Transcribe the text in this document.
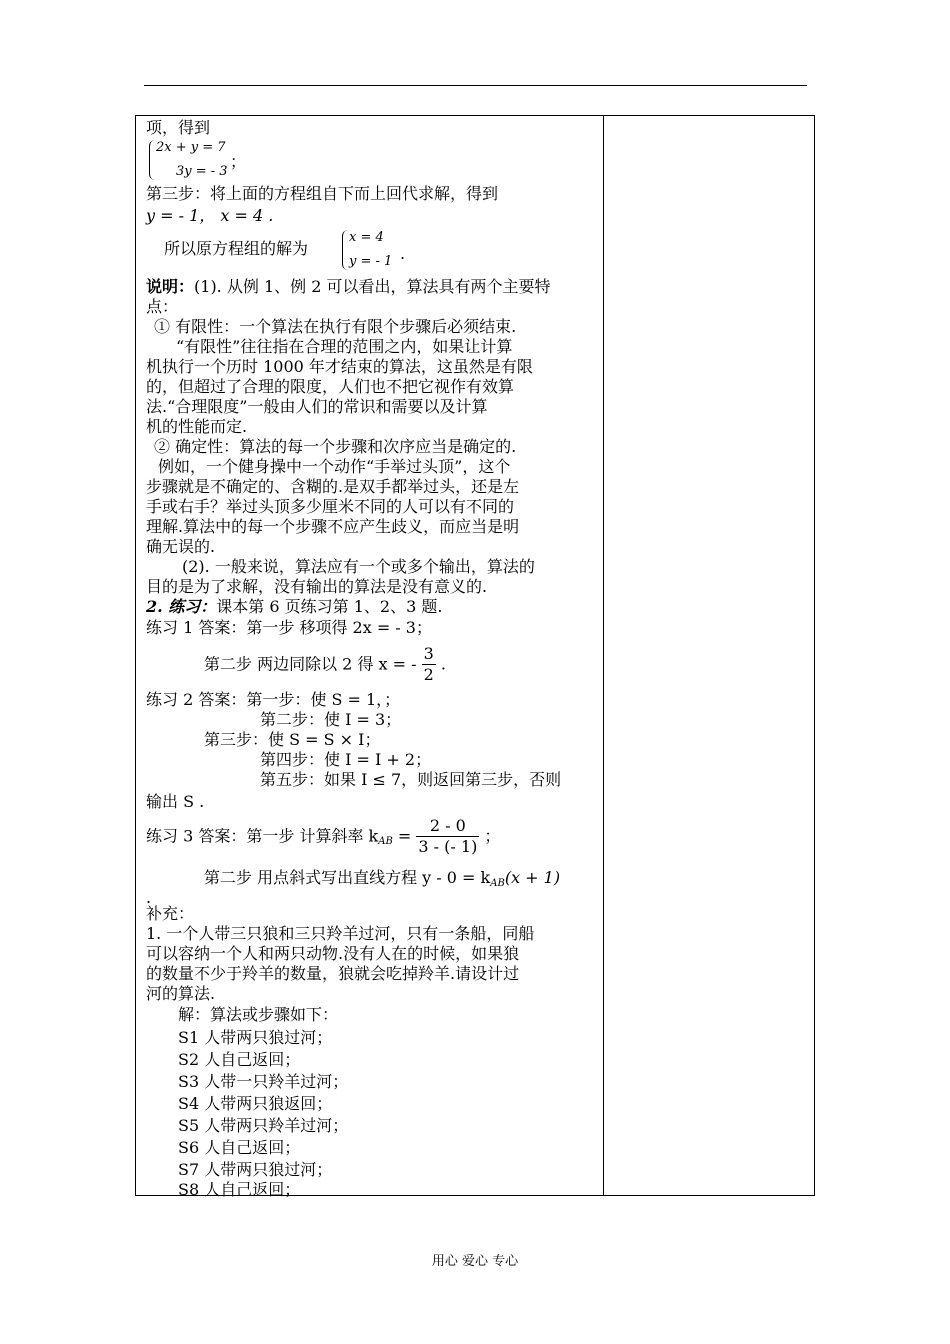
项，得到
2x + y = 7
3y = - 3
；
第三步：将上面的方程组自下而上回代求解，得到
y = - 1， x = 4 .
所以原方程组的解为
x = 4
y = - 1 .
说明：(1). 从例 1、例 2 可以看出，算法具有两个主要特
点：
① 有限性：一个算法在执行有限个步骤后必须结束.
“有限性”往往指在合理的范围之内，如果让计算
机执行一个历时 1000 年才结束的算法，这虽然是有限
的，但超过了合理的限度，人们也不把它视作有效算
法.“合理限度”一般由人们的常识和需要以及计算
机的性能而定.
② 确定性：算法的每一个步骤和次序应当是确定的.
例如，一个健身操中一个动作“手举过头顶”，这个
步骤就是不确定的、含糊的.是双手都举过头，还是左
手或右手？举过头顶多少厘米不同的人可以有不同的
理解.算法中的每一个步骤不应产生歧义，而应当是明
确无误的.
(2). 一般来说，算法应有一个或多个输出，算法的
目的是为了求解，没有输出的算法是没有意义的.
2. 练习：课本第 6 页练习第 1、2、3 题.
练习 1 答案：第一步 移项得 2x = - 3；
第二步 两边同除以 2 得 x = - $\frac{3}{2}$ .
练习 2 答案：第一步：使 S = 1，；
第二步：使 I = 3；
第三步：使 S = S × I；
第四步：使 I = I + 2；
第五步：如果 I ≤ 7，则返回第三步，否则
输出 S .
练习 3 答案：第一步 计算斜率 $k_{AB} = \frac{2 - 0}{3 - (- 1)}$ ；
第二步 用点斜式写出直线方程 $y - 0 = k_{AB}(x + 1)$
.
补充：
1. 一个人带三只狼和三只羚羊过河，只有一条船，同船
可以容纳一个人和两只动物.没有人在的时候，如果狼
的数量不少于羚羊的数量，狼就会吃掉羚羊.请设计过
河的算法.
解：算法或步骤如下：
S1 人带两只狼过河；
S2 人自己返回；
S3 人带一只羚羊过河；
S4 人带两只狼返回；
S5 人带两只羚羊过河；
S6 人自己返回；
S7 人带两只狼过河；
S8 人自己返回；
用心 爱心 专心
